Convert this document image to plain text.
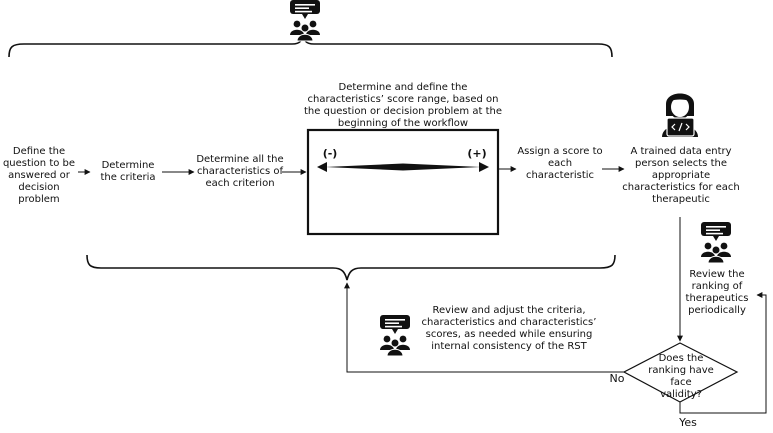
Define the question to be answered or decision problem
Determine the criteria
Determine all the characteristics of each criterion
Determine and define the characteristics’ score range, based on the question or decision problem at the beginning of the workflow
Assign a score to each characteristic
A trained data entry person selects the appropriate characteristics for each therapeutic
Review the ranking of therapeutics periodically
Review and adjust the criteria, characteristics and characteristics’ scores, as needed while ensuring internal consistency of the RST
Does the ranking have face validity?
(-)	(+)
No
Yes
